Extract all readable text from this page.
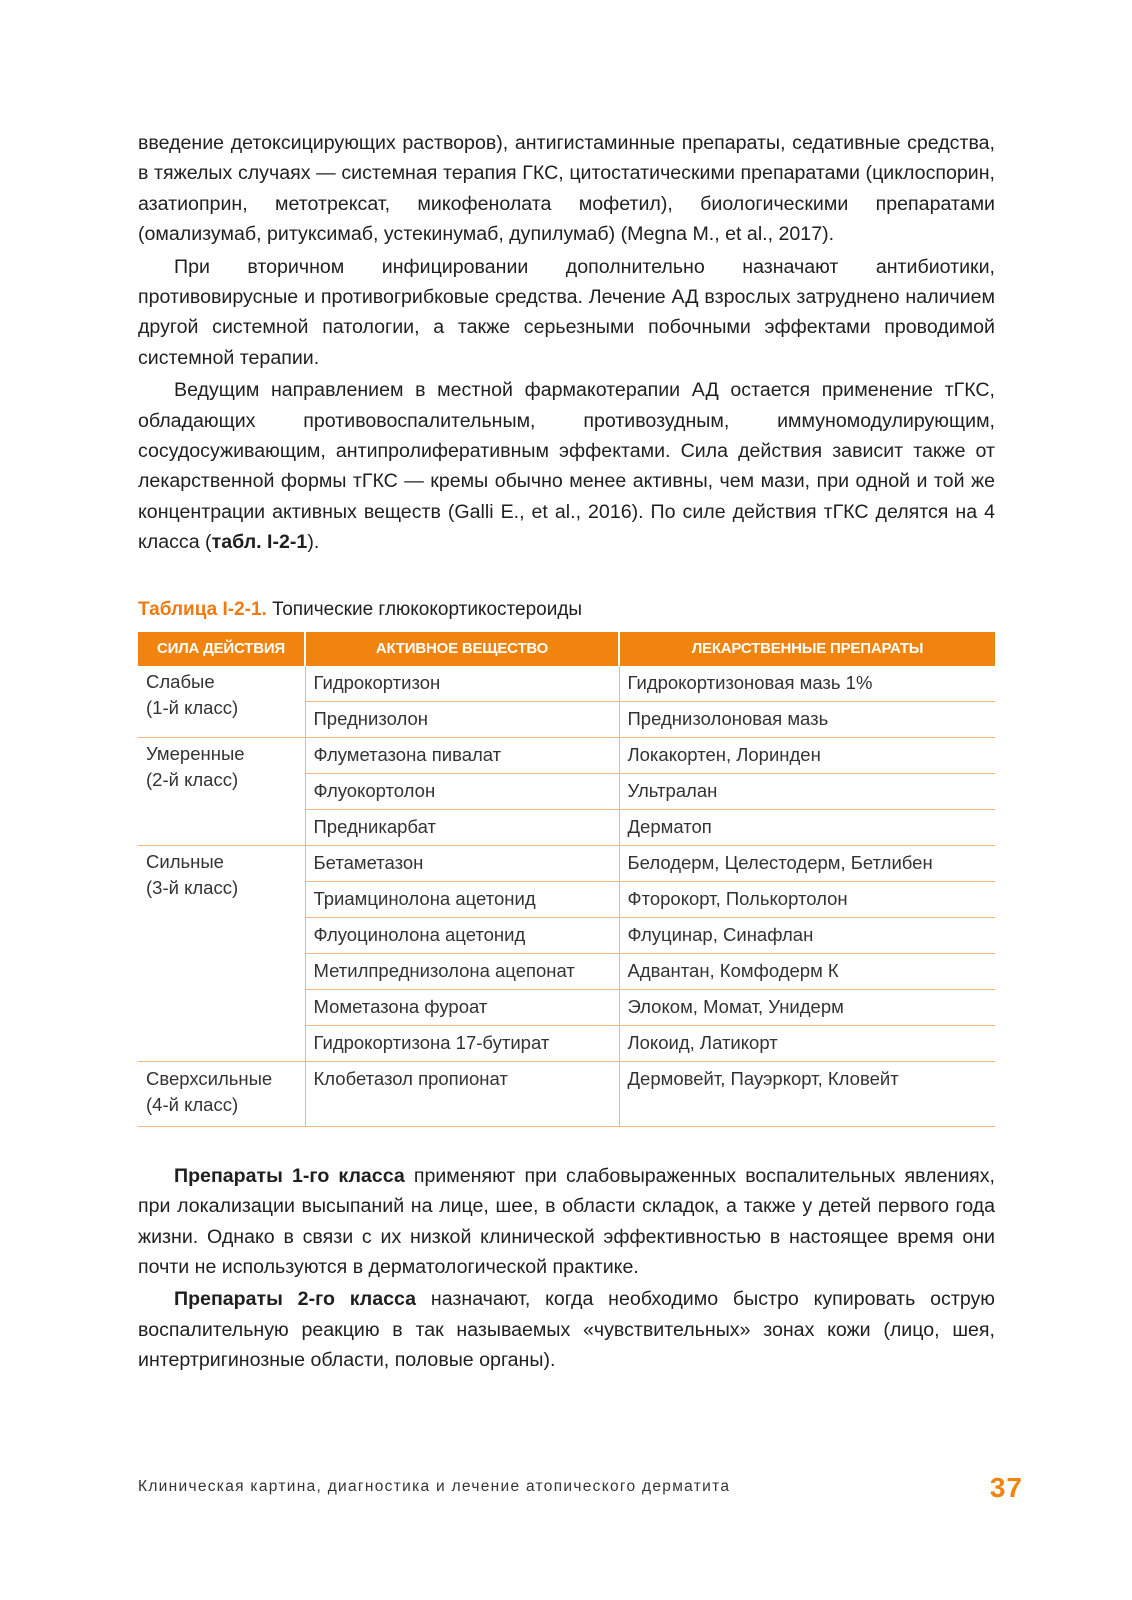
введение детоксицирующих растворов), антигистаминные препараты, седативные средства, в тяжелых случаях — системная терапия ГКС, цитостатическими препаратами (циклоспорин, азатиоприн, метотрексат, микофенолата мофетил), биологическими препаратами (омализумаб, ритуксимаб, устекинумаб, дупилумаб) (Megna M., et al., 2017).

При вторичном инфицировании дополнительно назначают антибиотики, противовирусные и противогрибковые средства. Лечение АД взрослых затруднено наличием другой системной патологии, а также серьезными побочными эффектами проводимой системной терапии.

Ведущим направлением в местной фармакотерапии АД остается применение тГКС, обладающих противовоспалительным, противозудным, иммуномодулирующим, сосудосуживающим, антипролиферативным эффектами. Сила действия зависит также от лекарственной формы тГКС — кремы обычно менее активны, чем мази, при одной и той же концентрации активных веществ (Galli E., et al., 2016). По силе действия тГКС делятся на 4 класса (табл. I-2-1).

Таблица I-2-1. Топические глюкокортикостероиды
СИЛА ДЕЙСТВИЯ	АКТИВНОЕ ВЕЩЕСТВО	ЛЕКАРСТВЕННЫЕ ПРЕПАРАТЫ

Слабые
(1-й класс)	Гидрокортизон	Гидрокортизоновая мазь 1%
	Преднизолон	Преднизолоновая мазь

Умеренные
(2-й класс)	Флуметазона пивалат	Локакортен, Лоринден
	Флуокортолон	Ультралан
	Предникарбат	Дерматоп

Сильные
(3-й класс)	Бетаметазон	Белодерм, Целестодерм, Бетлибен
	Триамцинолона ацетонид	Фторокорт, Полькортолон
	Флуоцинолона ацетонид	Флуцинар, Синафлан
	Метилпреднизолона ацепонат	Адвантан, Комфодерм К
	Мометазона фуроат	Элоком, Момат, Унидерм
	Гидрокортизона 17-бутират	Локоид, Латикорт

Сверхсильные
(4-й класс)	Клобетазол пропионат	Дермовейт, Пауэркорт, Кловейт

Препараты 1-го класса применяют при слабовыраженных воспалительных явлениях, при локализации высыпаний на лице, шее, в области складок, а также у детей первого года жизни. Однако в связи с их низкой клинической эффективностью в настоящее время они почти не используются в дерматологической практике.

Препараты 2-го класса назначают, когда необходимо быстро купировать острую воспалительную реакцию в так называемых «чувствительных» зонах кожи (лицо, шея, интертригинозные области, половые органы).

Клиническая картина, диагностика и лечение атопического дерматита	37
